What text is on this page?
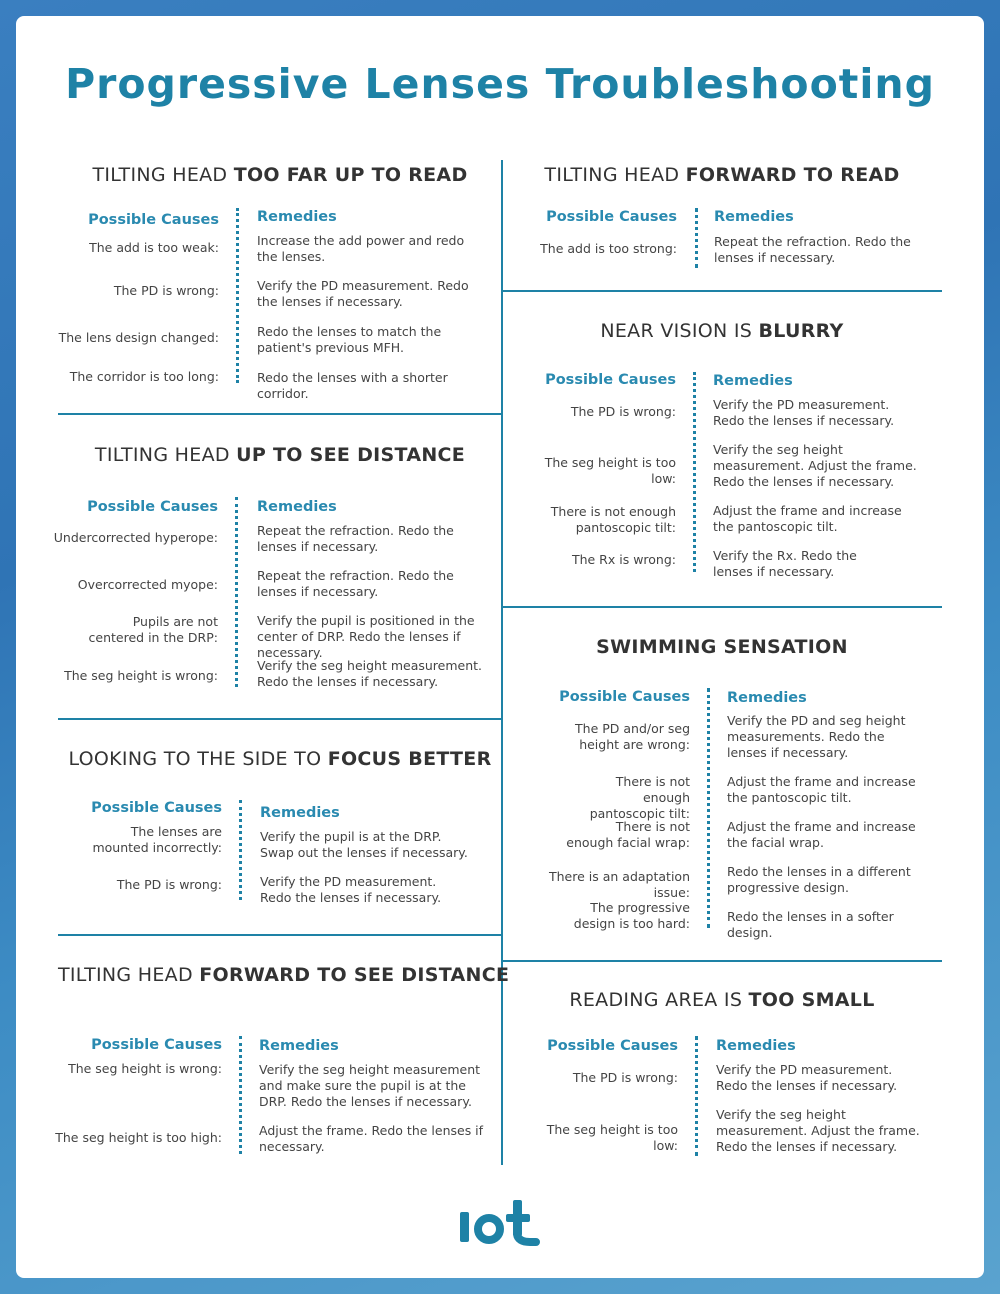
Progressive Lenses Troubleshooting
TILTING HEAD TOO FAR UP TO READ
Possible Causes	Remedies
The add is too weak:	Increase the add power and redo the lenses.
The PD is wrong:	Verify the PD measurement. Redo the lenses if necessary.
The lens design changed:	Redo the lenses to match the patient's previous MFH.
The corridor is too long:	Redo the lenses with a shorter corridor.
TILTING HEAD UP TO SEE DISTANCE
Possible Causes	Remedies
Undercorrected hyperope:	Repeat the refraction. Redo the lenses if necessary.
Overcorrected myope:
Repeat the refraction. Redo the lenses if necessary.
Pupils are not centered in the DRP:
Verify the pupil is positioned in the center of DRP. Redo the lenses if necessary.
The seg height is wrong:
Verify the seg height measurement. Redo the lenses if necessary.
LOOKING TO THE SIDE TO FOCUS BETTER
Possible Causes	Remedies
The lenses are mounted incorrectly:
Verify the pupil is at the DRP. Swap out the lenses if necessary.
The PD is wrong:	Verify the PD measurement. Redo the lenses if necessary.
TILTING HEAD FORWARD TO SEE DISTANCE
Possible Causes	Remedies
The seg height is wrong:	Verify the seg height measurement and make sure the pupil is at the DRP. Redo the lenses if necessary.
The seg height is too high:	Adjust the frame. Redo the lenses if necessary.
TILTING HEAD FORWARD TO READ
Possible Causes	Remedies
The add is too strong:	Repeat the refraction. Redo the lenses if necessary.
NEAR VISION IS BLURRY
Possible Causes	Remedies
The PD is wrong:	Verify the PD measurement. Redo the lenses if necessary.
The seg height is too low:
Verify the seg height measurement. Adjust the frame. Redo the lenses if necessary.
There is not enough pantoscopic tilt:
Adjust the frame and increase the pantoscopic tilt.
The Rx is wrong:	Verify the Rx. Redo the lenses if necessary.
SWIMMING SENSATION
Possible Causes	Remedies
The PD and/or seg height are wrong:
Verify the PD and seg height measurements. Redo the lenses if necessary.
There is not enough pantoscopic tilt:
Adjust the frame and increase the pantoscopic tilt.
There is not enough facial wrap:
Adjust the frame and increase the facial wrap.
There is an adaptation issue:
Redo the lenses in a different progressive design.
The progressive design is too hard:	Redo the lenses in a softer design.
READING AREA IS TOO SMALL
Possible Causes	Remedies
The PD is wrong:
Verify the PD measurement. Redo the lenses if necessary.
The seg height is too low:
Verify the seg height measurement. Adjust the frame. Redo the lenses if necessary.
